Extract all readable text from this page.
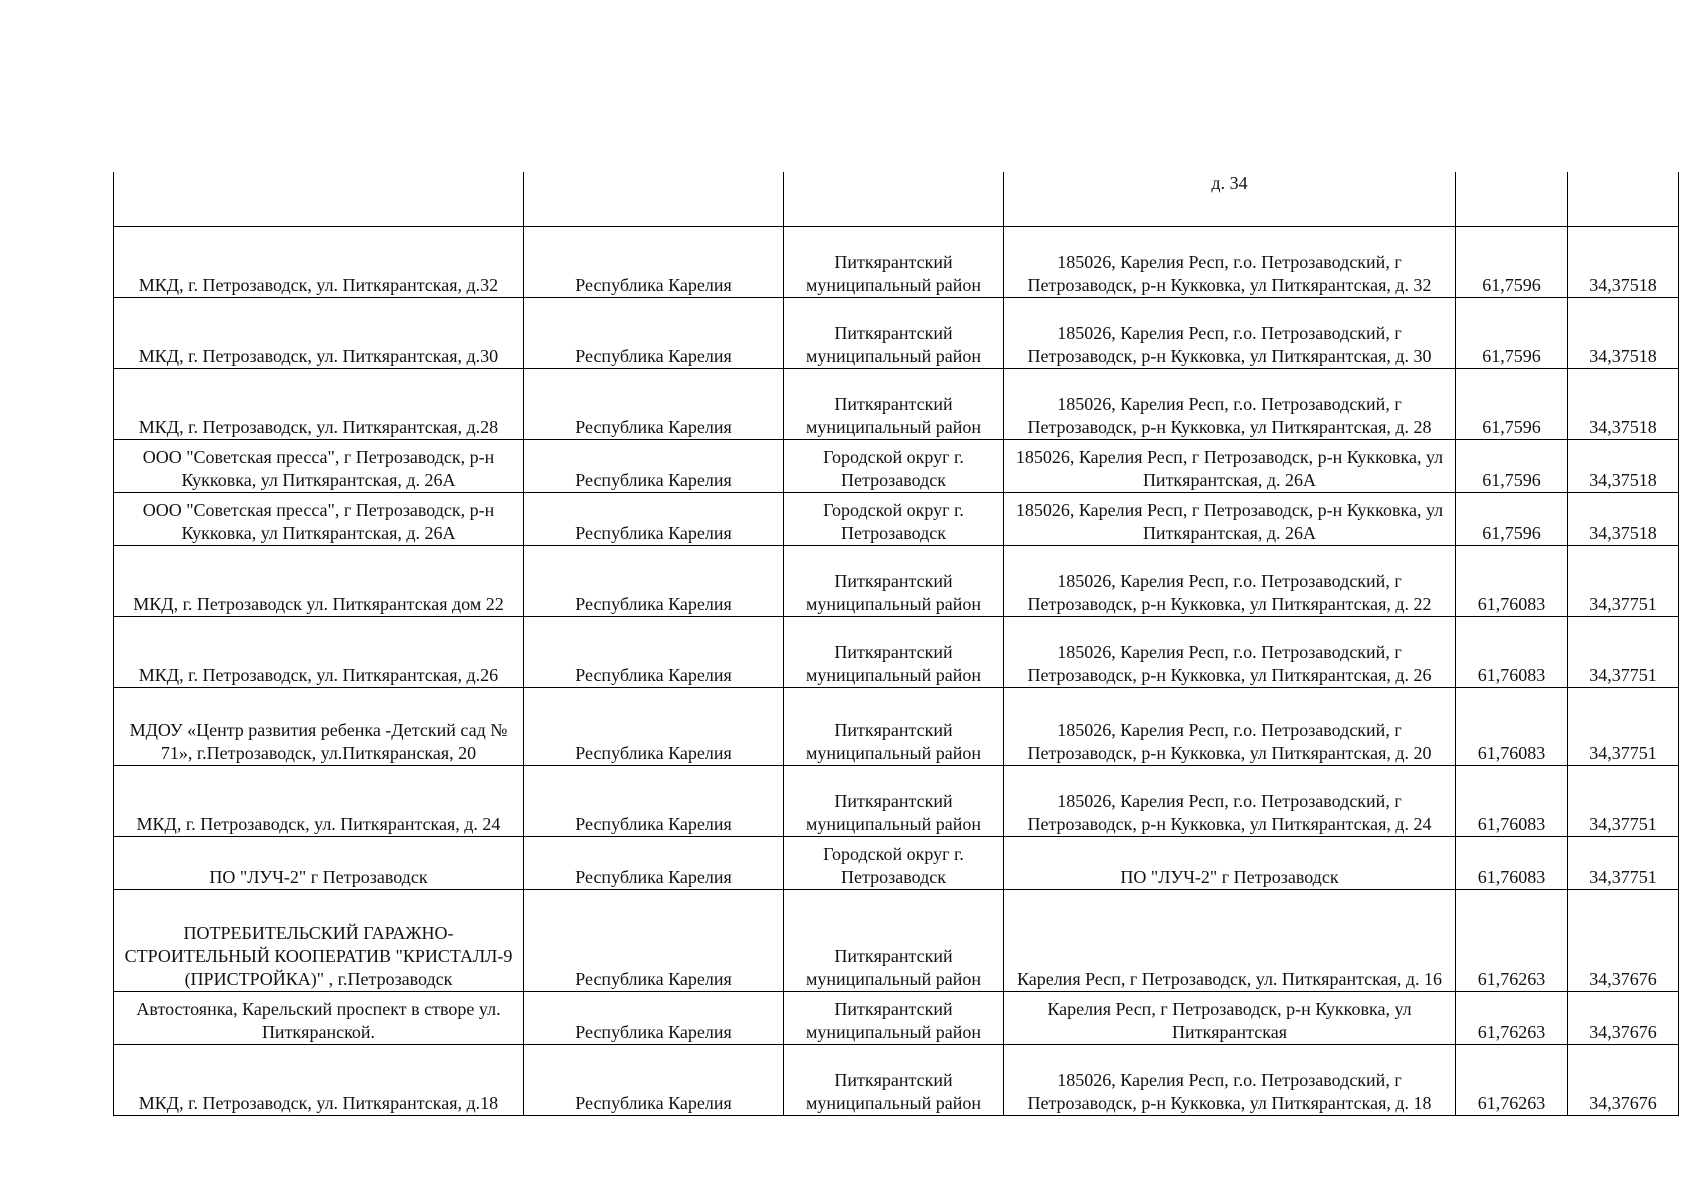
			д. 34		
МКД, г. Петрозаводск, ул. Питкярантская, д.32	Республика Карелия	Питкярантский муниципальный район	185026, Карелия Респ, г.о. Петрозаводский, г Петрозаводск, р-н Кукковка, ул Питкярантская, д. 32	61,7596	34,37518
МКД, г. Петрозаводск, ул. Питкярантская, д.30	Республика Карелия	Питкярантский муниципальный район	185026, Карелия Респ, г.о. Петрозаводский, г Петрозаводск, р-н Кукковка, ул Питкярантская, д. 30	61,7596	34,37518
МКД, г. Петрозаводск, ул. Питкярантская, д.28	Республика Карелия	Питкярантский муниципальный район	185026, Карелия Респ, г.о. Петрозаводский, г Петрозаводск, р-н Кукковка, ул Питкярантская, д. 28	61,7596	34,37518
ООО "Советская пресса", г Петрозаводск, р-н Кукковка, ул Питкярантская, д. 26А	Республика Карелия	Городской округ г. Петрозаводск	185026, Карелия Респ, г Петрозаводск, р-н Кукковка, ул Питкярантская, д. 26А	61,7596	34,37518
ООО "Советская пресса", г Петрозаводск, р-н Кукковка, ул Питкярантская, д. 26А	Республика Карелия	Городской округ г. Петрозаводск	185026, Карелия Респ, г Петрозаводск, р-н Кукковка, ул Питкярантская, д. 26А	61,7596	34,37518
МКД, г. Петрозаводск ул. Питкярантская дом 22	Республика Карелия	Питкярантский муниципальный район	185026, Карелия Респ, г.о. Петрозаводский, г Петрозаводск, р-н Кукковка, ул Питкярантская, д. 22	61,76083	34,37751
МКД, г. Петрозаводск, ул. Питкярантская, д.26	Республика Карелия	Питкярантский муниципальный район	185026, Карелия Респ, г.о. Петрозаводский, г Петрозаводск, р-н Кукковка, ул Питкярантская, д. 26	61,76083	34,37751
МДОУ «Центр развития ребенка -Детский сад № 71», г.Петрозаводск, ул.Питкяранская, 20	Республика Карелия	Питкярантский муниципальный район	185026, Карелия Респ, г.о. Петрозаводский, г Петрозаводск, р-н Кукковка, ул Питкярантская, д. 20	61,76083	34,37751
МКД, г. Петрозаводск, ул. Питкярантская, д. 24	Республика Карелия	Питкярантский муниципальный район	185026, Карелия Респ, г.о. Петрозаводский, г Петрозаводск, р-н Кукковка, ул Питкярантская, д. 24	61,76083	34,37751
ПО "ЛУЧ-2" г Петрозаводск	Республика Карелия	Городской округ г. Петрозаводск	ПО "ЛУЧ-2" г Петрозаводск	61,76083	34,37751
ПОТРЕБИТЕЛЬСКИЙ ГАРАЖНО-СТРОИТЕЛЬНЫЙ КООПЕРАТИВ "КРИСТАЛЛ-9 (ПРИСТРОЙКА)" , г.Петрозаводск	Республика Карелия	Питкярантский муниципальный район	Карелия Респ, г Петрозаводск, ул. Питкярантская, д. 16	61,76263	34,37676
Автостоянка, Карельский проспект в створе ул. Питкяранской.	Республика Карелия	Питкярантский муниципальный район	Карелия Респ, г Петрозаводск, р-н Кукковка, ул Питкярантская	61,76263	34,37676
МКД, г. Петрозаводск, ул. Питкярантская, д.18	Республика Карелия	Питкярантский муниципальный район	185026, Карелия Респ, г.о. Петрозаводский, г Петрозаводск, р-н Кукковка, ул Питкярантская, д. 18	61,76263	34,37676
